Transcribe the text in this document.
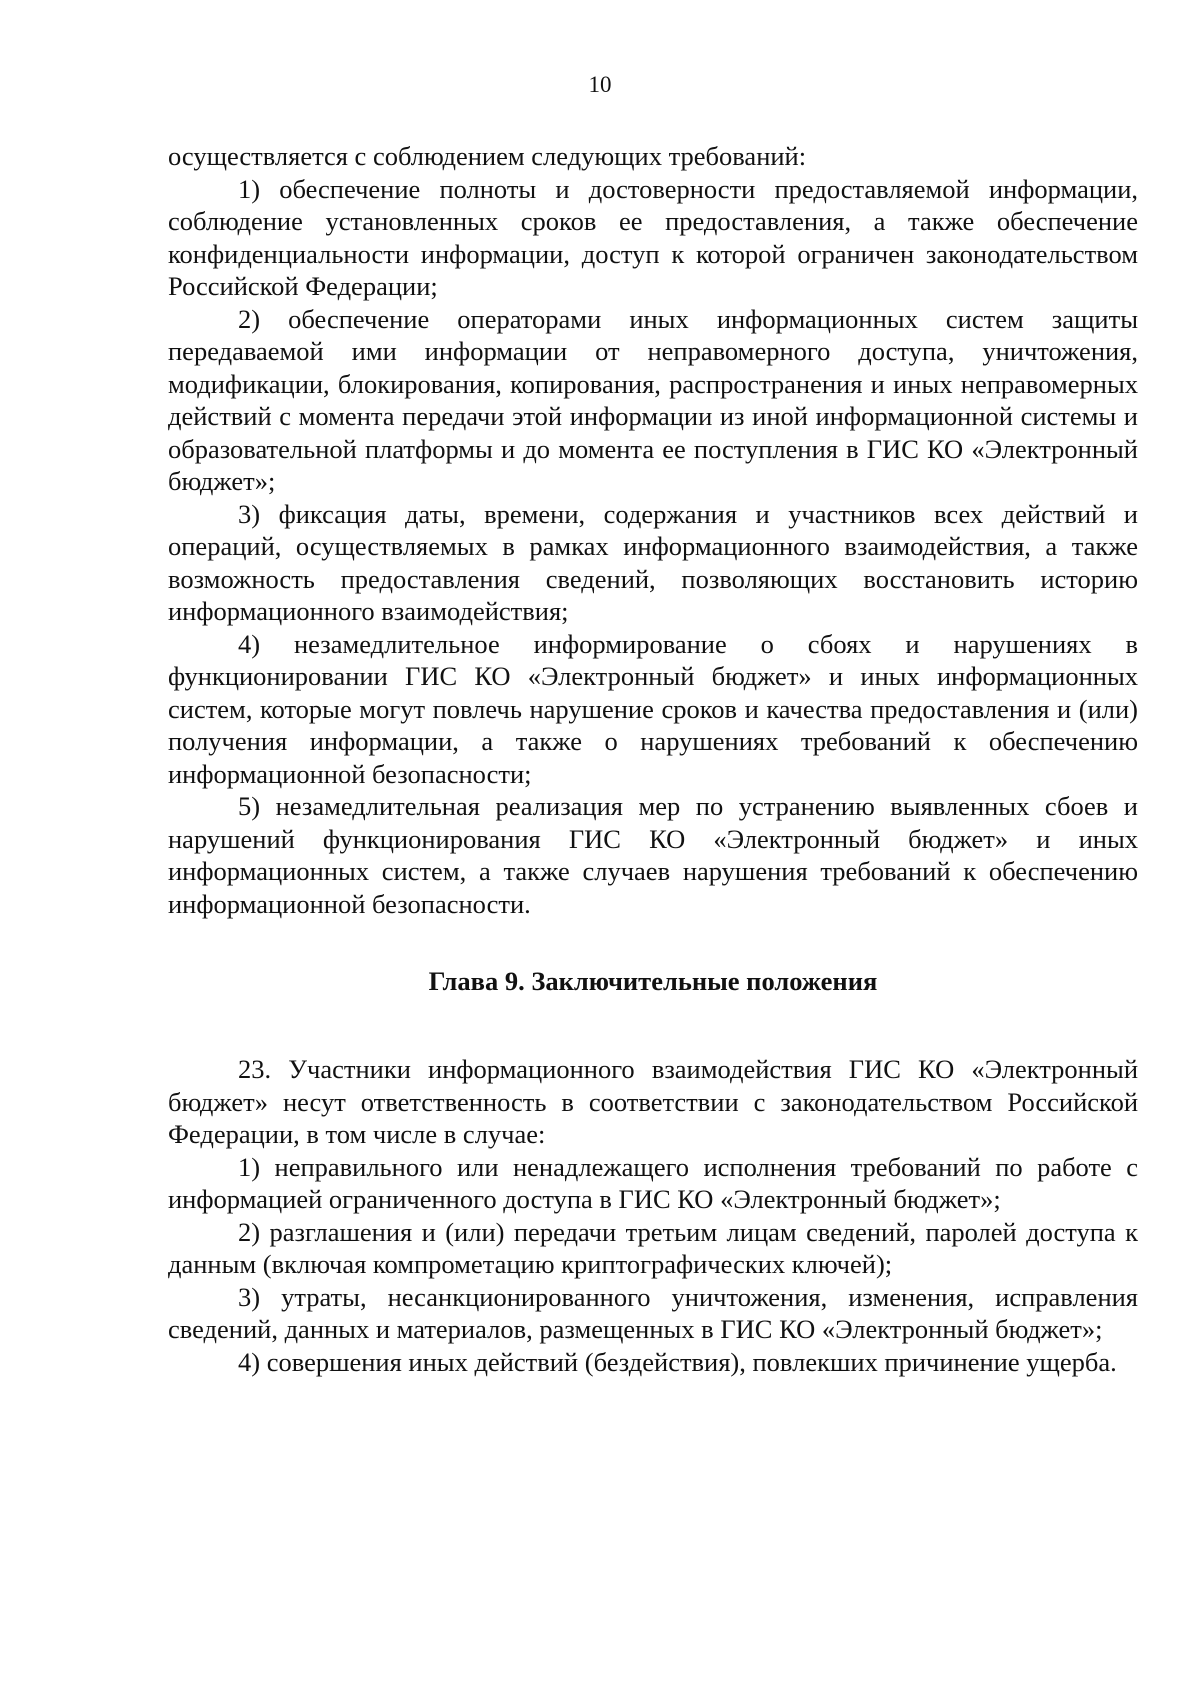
10

осуществляется с соблюдением следующих требований:

1) обеспечение полноты и достоверности предоставляемой информации, соблюдение установленных сроков ее предоставления, а также обеспечение конфиденциальности информации, доступ к которой ограничен законодательством Российской Федерации;

2) обеспечение операторами иных информационных систем защиты передаваемой ими информации от неправомерного доступа, уничтожения, модификации, блокирования, копирования, распространения и иных неправомерных действий с момента передачи этой информации из иной информационной системы и образовательной платформы и до момента ее поступления в ГИС КО «Электронный бюджет»;

3) фиксация даты, времени, содержания и участников всех действий и операций, осуществляемых в рамках информационного взаимодействия, а также возможность предоставления сведений, позволяющих восстановить историю информационного взаимодействия;

4) незамедлительное информирование о сбоях и нарушениях в функционировании ГИС КО «Электронный бюджет» и иных информационных систем, которые могут повлечь нарушение сроков и качества предоставления и (или) получения информации, а также о нарушениях требований к обеспечению информационной безопасности;

5) незамедлительная реализация мер по устранению выявленных сбоев и нарушений функционирования ГИС КО «Электронный бюджет» и иных информационных систем, а также случаев нарушения требований к обеспечению информационной безопасности.

Глава 9. Заключительные положения

23. Участники информационного взаимодействия ГИС КО «Электронный бюджет» несут ответственность в соответствии с законодательством Российской Федерации, в том числе в случае:

1) неправильного или ненадлежащего исполнения требований по работе с информацией ограниченного доступа в ГИС КО «Электронный бюджет»;

2) разглашения и (или) передачи третьим лицам сведений, паролей доступа к данным (включая компрометацию криптографических ключей);

3) утраты, несанкционированного уничтожения, изменения, исправления сведений, данных и материалов, размещенных в ГИС КО «Электронный бюджет»;

4) совершения иных действий (бездействия), повлекших причинение ущерба.
